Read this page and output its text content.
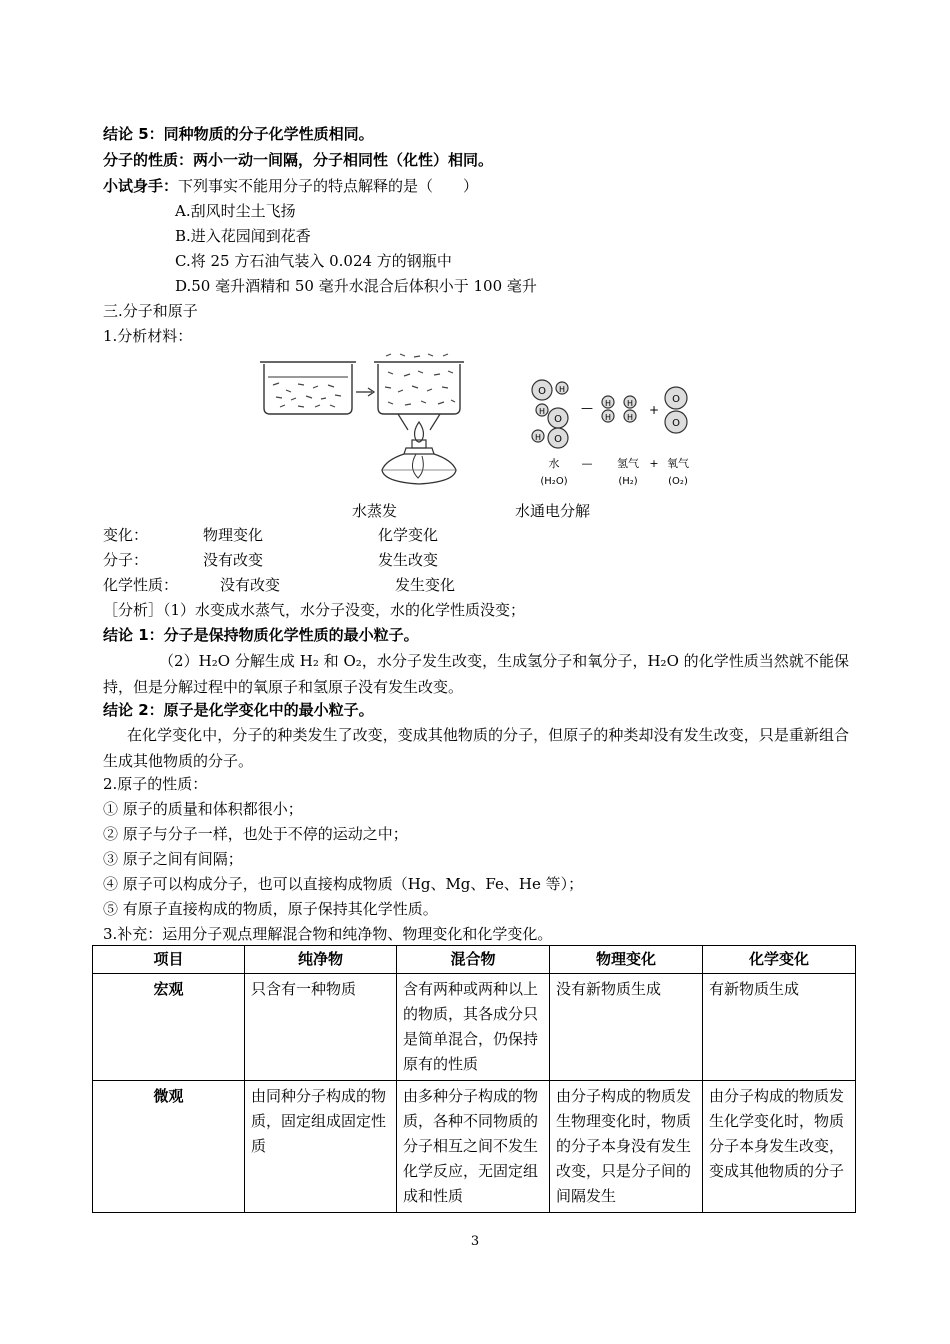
结论 5：同种物质的分子化学性质相同。
分子的性质：两小一动一间隔，分子相同性（化性）相同。
小试身手：下列事实不能用分子的特点解释的是（　　）
A.刮风时尘土飞扬
B.进入花园闻到花香
C.将 25 方石油气装入 0.024 方的钢瓶中
D.50 毫升酒精和 50 毫升水混合后体积小于 100 毫升
三.分子和原子
1.分析材料：
O H
H
O
H O
H
H
H
H
O
O
—	+
水 — 氢气 + 氧气
(H₂O)	(H₂)	(O₂)
水蒸发	水通电分解
变化：	物理变化	化学变化
分子：	没有改变	发生改变
化学性质：	没有改变	发生变化
［分析］（1）水变成水蒸气，水分子没变，水的化学性质没变；
结论 1：分子是保持物质化学性质的最小粒子。
（2）H₂O 分解生成 H₂ 和 O₂，水分子发生改变，生成氢分子和氧分子，H₂O 的化学性质当然就不能保持，但是分解过程中的氧原子和氢原子没有发生改变。
结论 2：原子是化学变化中的最小粒子。
在化学变化中，分子的种类发生了改变，变成其他物质的分子，但原子的种类却没有发生改变，只是重新组合生成其他物质的分子。
2.原子的性质：
① 原子的质量和体积都很小；
② 原子与分子一样，也处于不停的运动之中；
③ 原子之间有间隔；
④ 原子可以构成分子，也可以直接构成物质（Hg、Mg、Fe、He 等）；
⑤ 有原子直接构成的物质，原子保持其化学性质。
3.补充：运用分子观点理解混合物和纯净物、物理变化和化学变化。
项目	纯净物	混合物	物理变化	化学变化
宏观	只含有一种物质	含有两种或两种以上的物质，其各成分只是简单混合，仍保持原有的性质	没有新物质生成	有新物质生成
微观	由同种分子构成的物质，固定组成固定性质	由多种分子构成的物质，各种不同物质的分子相互之间不发生化学反应，无固定组成和性质	由分子构成的物质发生物理变化时，物质的分子本身没有发生改变，只是分子间的间隔发生	由分子构成的物质发生化学变化时，物质分子本身发生改变，变成其他物质的分子
3
